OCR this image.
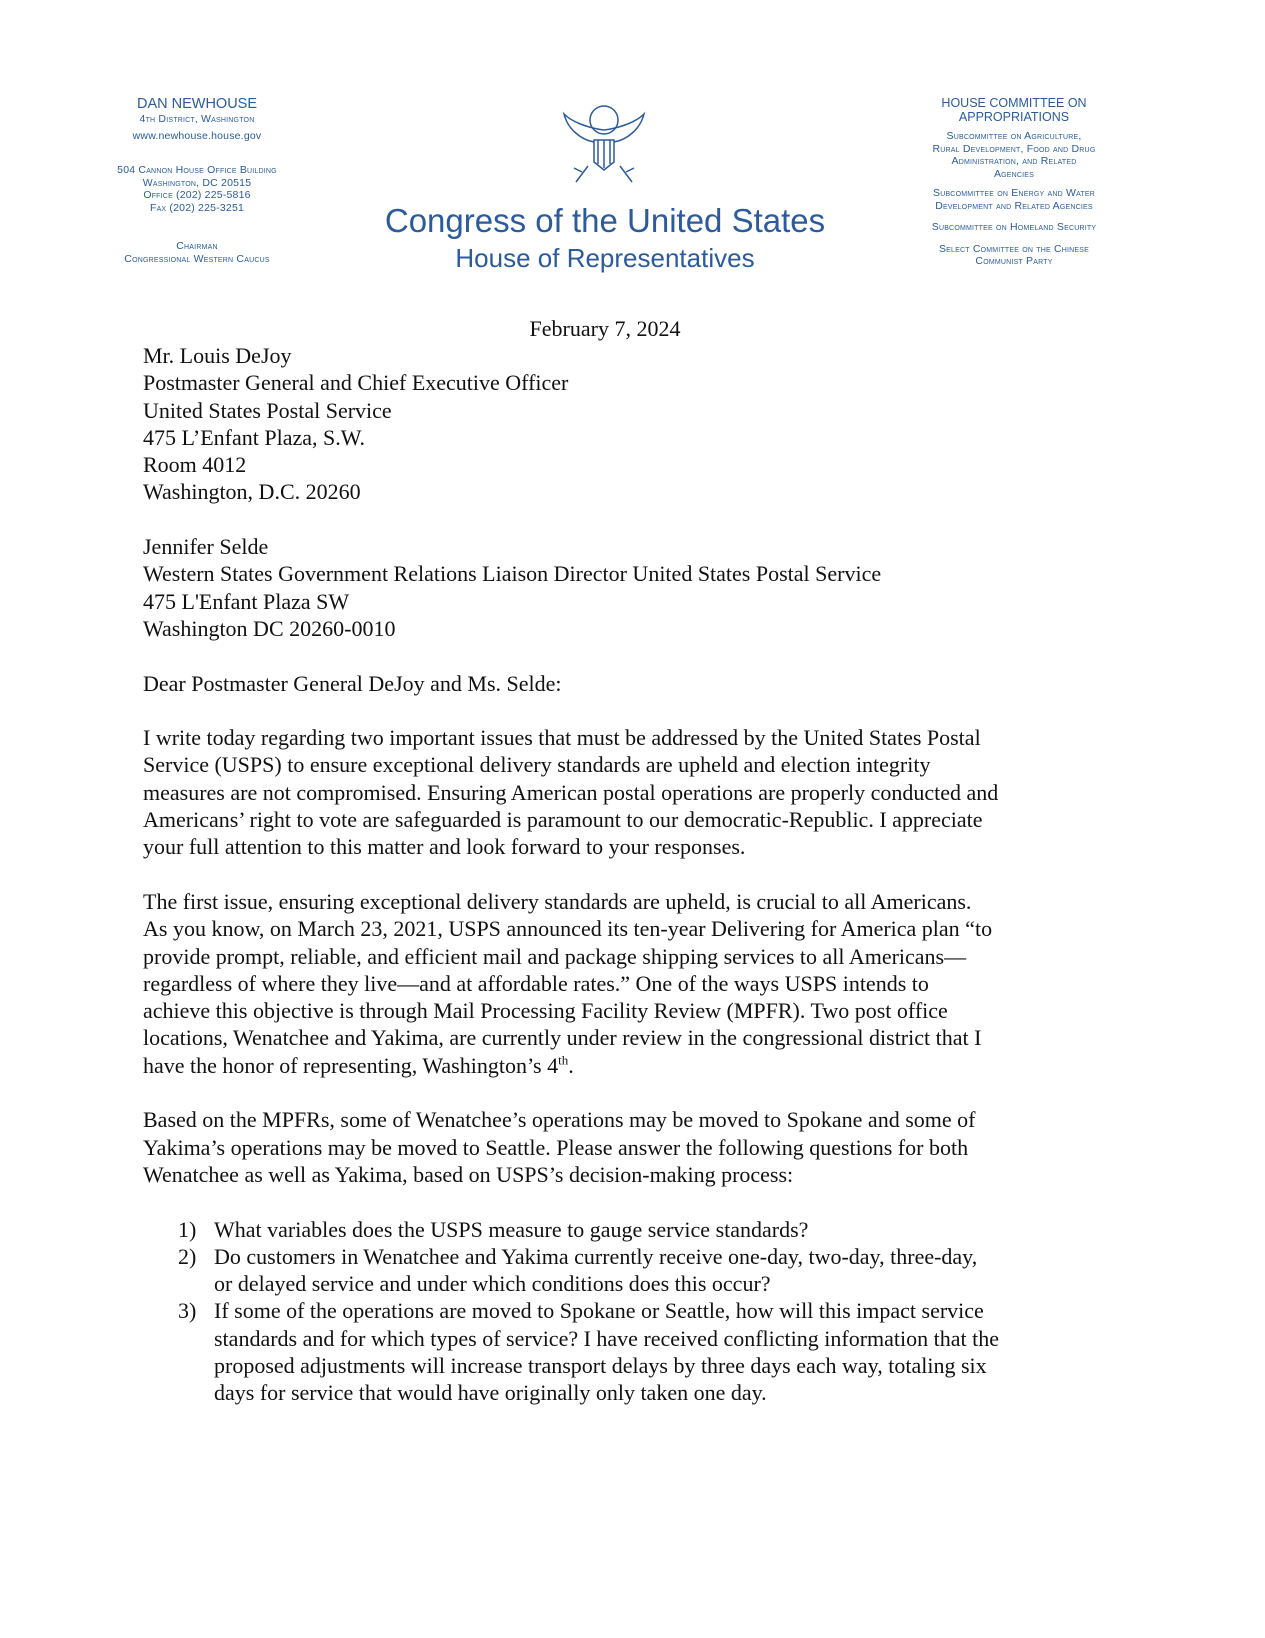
DAN NEWHOUSE
4th District, Washington
www.newhouse.house.gov
504 Cannon House Office Building
Washington, DC 20515
Office (202) 225-5816
Fax (202) 225-3251
Chairman
Congressional Western Caucus
Congress of the United States
House of Representatives
HOUSE COMMITTEE ON
APPROPRIATIONS
Subcommittee on Agriculture,
Rural Development, Food and Drug
Administration, and Related
Agencies
Subcommittee on Energy and Water
Development and Related Agencies
Subcommittee on Homeland Security
Select Committee on the Chinese
Communist Party
February 7, 2024
Mr. Louis DeJoy
Postmaster General and Chief Executive Officer
United States Postal Service
475 L’Enfant Plaza, S.W.
Room 4012
Washington, D.C. 20260
Jennifer Selde
Western States Government Relations Liaison Director United States Postal Service
475 L'Enfant Plaza SW
Washington DC 20260-0010
Dear Postmaster General DeJoy and Ms. Selde:
I write today regarding two important issues that must be addressed by the United States Postal
Service (USPS) to ensure exceptional delivery standards are upheld and election integrity
measures are not compromised. Ensuring American postal operations are properly conducted and
Americans’ right to vote are safeguarded is paramount to our democratic-Republic. I appreciate
your full attention to this matter and look forward to your responses.
The first issue, ensuring exceptional delivery standards are upheld, is crucial to all Americans.
As you know, on March 23, 2021, USPS announced its ten-year Delivering for America plan “to
provide prompt, reliable, and efficient mail and package shipping services to all Americans—
regardless of where they live—and at affordable rates.” One of the ways USPS intends to
achieve this objective is through Mail Processing Facility Review (MPFR). Two post office
locations, Wenatchee and Yakima, are currently under review in the congressional district that I
have the honor of representing, Washington’s 4th.
Based on the MPFRs, some of Wenatchee’s operations may be moved to Spokane and some of
Yakima’s operations may be moved to Seattle. Please answer the following questions for both
Wenatchee as well as Yakima, based on USPS’s decision-making process:
1) What variables does the USPS measure to gauge service standards?
2) Do customers in Wenatchee and Yakima currently receive one-day, two-day, three-day,
or delayed service and under which conditions does this occur?
3) If some of the operations are moved to Spokane or Seattle, how will this impact service
standards and for which types of service? I have received conflicting information that the
proposed adjustments will increase transport delays by three days each way, totaling six
days for service that would have originally only taken one day.
